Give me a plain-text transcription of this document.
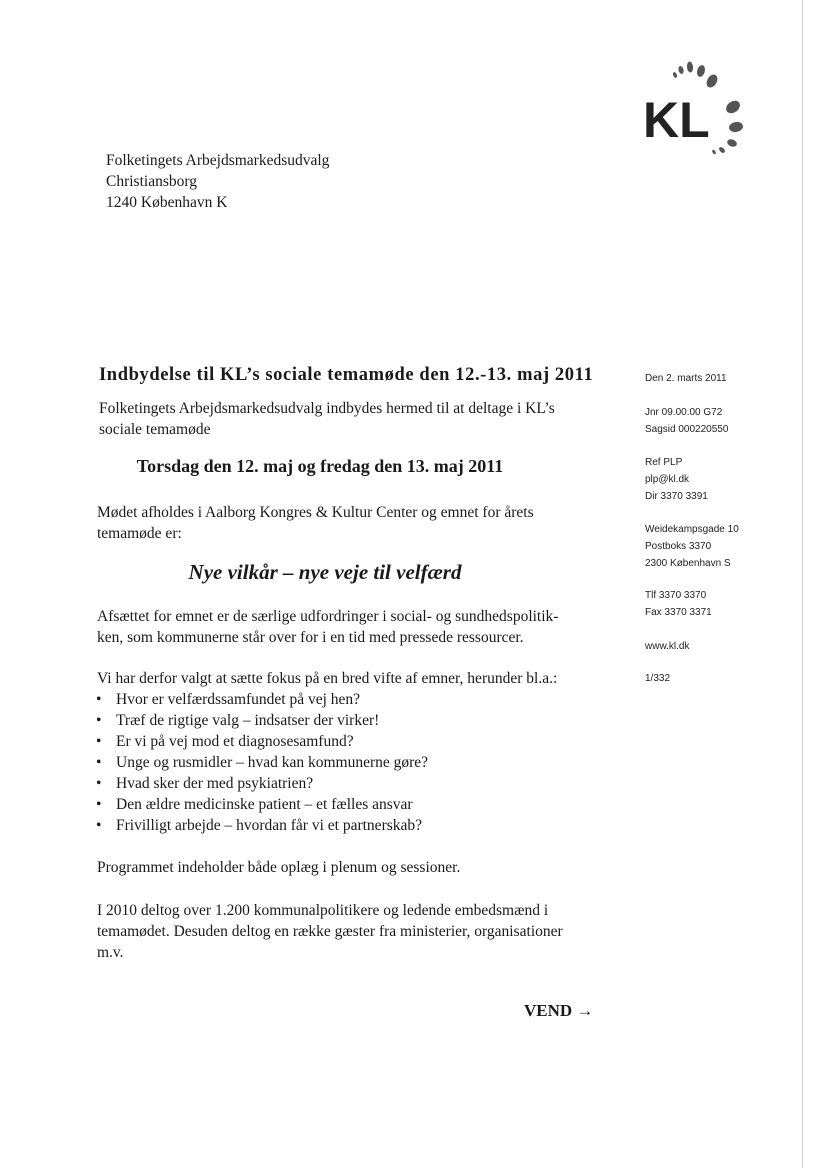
KL
Folketingets Arbejdsmarkedsudvalg
Christiansborg
1240 København K
Indbydelse til KL’s sociale temamøde den 12.-13. maj 2011
Folketingets Arbejdsmarkedsudvalg indbydes hermed til at deltage i KL’s
sociale temamøde
Torsdag den 12. maj og fredag den 13. maj 2011
Mødet afholdes i Aalborg Kongres & Kultur Center og emnet for årets
temamøde er:
Nye vilkår – nye veje til velfærd
Afsættet for emnet er de særlige udfordringer i social- og sundhedspolitik-
ken, som kommunerne står over for i en tid med pressede ressourcer.
Vi har derfor valgt at sætte fokus på en bred vifte af emner, herunder bl.a.:
• Hvor er velfærdssamfundet på vej hen?
• Træf de rigtige valg – indsatser der virker!
• Er vi på vej mod et diagnosesamfund?
• Unge og rusmidler – hvad kan kommunerne gøre?
• Hvad sker der med psykiatrien?
• Den ældre medicinske patient – et fælles ansvar
• Frivilligt arbejde – hvordan får vi et partnerskab?
Programmet indeholder både oplæg i plenum og sessioner.
I 2010 deltog over 1.200 kommunalpolitikere og ledende embedsmænd i
temamødet. Desuden deltog en række gæster fra ministerier, organisationer
m.v.
VEND →
Den 2. marts 2011
Jnr 09.00.00 G72
Sagsid 000220550
Ref PLP
plp@kl.dk
Dir 3370 3391
Weidekampsgade 10
Postboks 3370
2300 København S
Tlf 3370 3370
Fax 3370 3371
www.kl.dk
1/332
